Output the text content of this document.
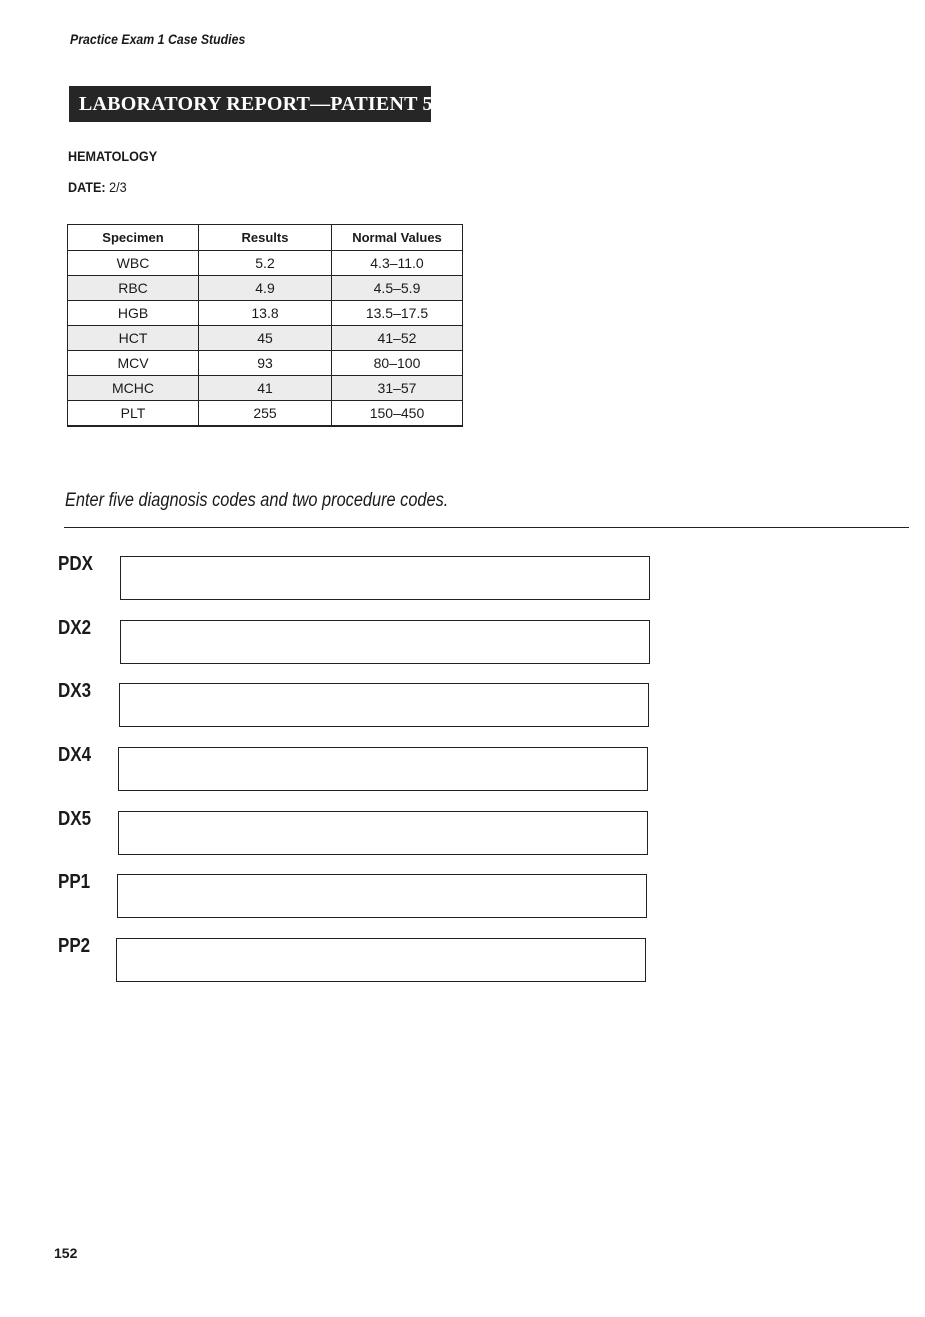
Practice Exam 1 Case Studies
LABORATORY REPORT—PATIENT 5
HEMATOLOGY
DATE: 2/3
Specimen	Results	Normal Values
WBC	5.2	4.3–11.0
RBC	4.9	4.5–5.9
HGB	13.8	13.5–17.5
HCT	45	41–52
MCV	93	80–100
MCHC	41	31–57
PLT	255	150–450
Enter five diagnosis codes and two procedure codes.
PDX
DX2
DX3
DX4
DX5
PP1
PP2
152
